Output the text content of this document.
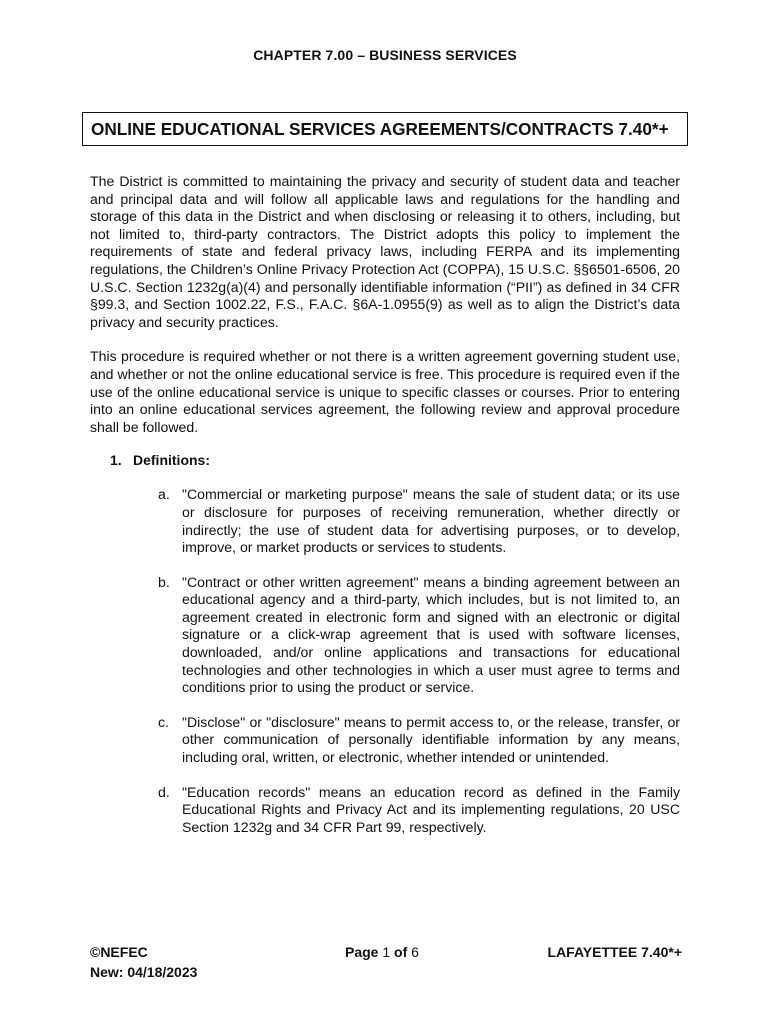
CHAPTER 7.00 – BUSINESS SERVICES
ONLINE EDUCATIONAL SERVICES AGREEMENTS/CONTRACTS 7.40*+

The District is committed to maintaining the privacy and security of student data and teacher and principal data and will follow all applicable laws and regulations for the handling and storage of this data in the District and when disclosing or releasing it to others, including, but not limited to, third-party contractors. The District adopts this policy to implement the requirements of state and federal privacy laws, including FERPA and its implementing regulations, the Children’s Online Privacy Protection Act (COPPA), 15 U.S.C. §§6501-6506, 20 U.S.C. Section 1232g(a)(4) and personally identifiable information (“PII”) as defined in 34 CFR §99.3, and Section 1002.22, F.S., F.A.C. §6A-1.0955(9) as well as to align the District’s data privacy and security practices.

This procedure is required whether or not there is a written agreement governing student use, and whether or not the online educational service is free. This procedure is required even if the use of the online educational service is unique to specific classes or courses. Prior to entering into an online educational services agreement, the following review and approval procedure shall be followed.

1. Definitions:
a. "Commercial or marketing purpose" means the sale of student data; or its use or disclosure for purposes of receiving remuneration, whether directly or indirectly; the use of student data for advertising purposes, or to develop, improve, or market products or services to students.
b. "Contract or other written agreement" means a binding agreement between an educational agency and a third-party, which includes, but is not limited to, an agreement created in electronic form and signed with an electronic or digital signature or a click-wrap agreement that is used with software licenses, downloaded, and/or online applications and transactions for educational technologies and other technologies in which a user must agree to terms and conditions prior to using the product or service.
c. "Disclose" or "disclosure" means to permit access to, or the release, transfer, or other communication of personally identifiable information by any means, including oral, written, or electronic, whether intended or unintended.
d. "Education records" means an education record as defined in the Family Educational Rights and Privacy Act and its implementing regulations, 20 USC Section 1232g and 34 CFR Part 99, respectively.
©NEFEC
New: 04/18/2023
Page 1 of 6	LAFAYETTEE 7.40*+
